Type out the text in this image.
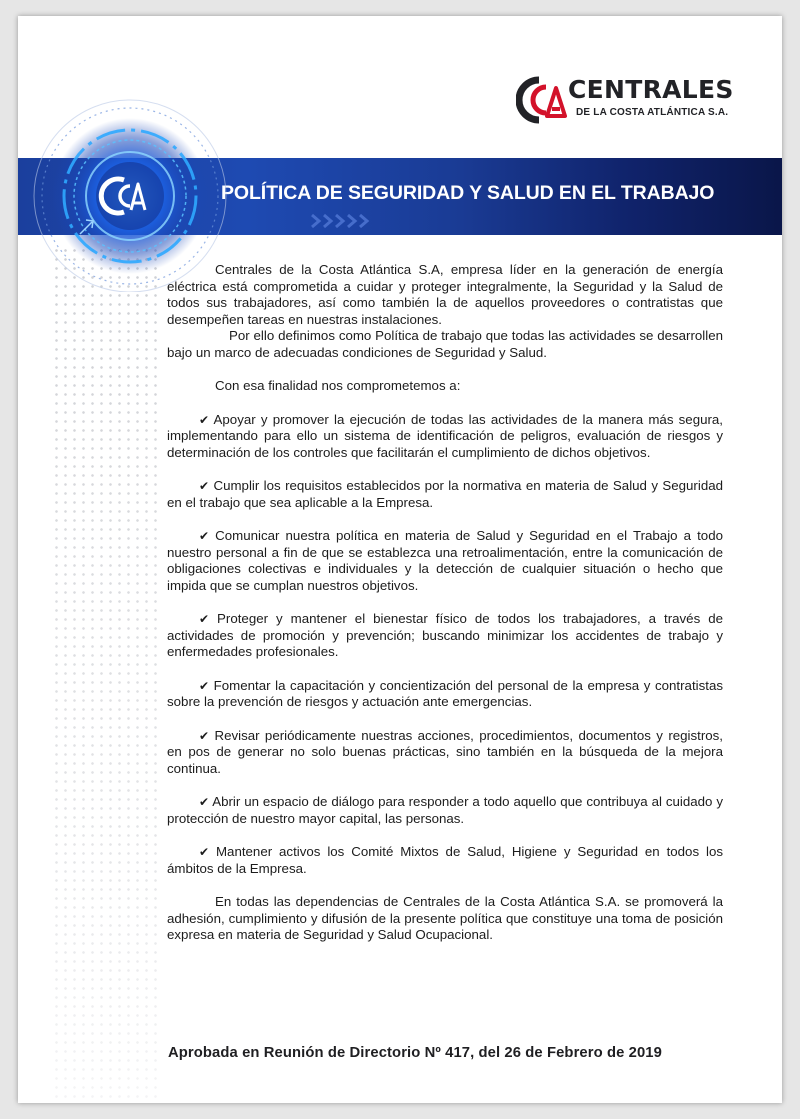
CENTRALES
DE LA COSTA ATLÁNTICA S.A.
POLÍTICA DE SEGURIDAD Y SALUD EN EL TRABAJO

Centrales de la Costa Atlántica S.A, empresa líder en la generación de energía eléctrica está comprometida a cuidar y proteger integralmente, la Seguridad y la Salud de todos sus trabajadores, así como también la de aquellos proveedores o contratistas que desempeñen tareas en nuestras instalaciones.

Por ello definimos como Política de trabajo que todas las actividades se desarrollen bajo un marco de adecuadas condiciones de Seguridad y Salud.

Con esa finalidad nos comprometemos a:

✔ Apoyar y promover la ejecución de todas las actividades de la manera más segura, implementando para ello un sistema de identificación de peligros, evaluación de riesgos y determinación de los controles que facilitarán el cumplimiento de dichos objetivos.

✔ Cumplir los requisitos establecidos por la normativa en materia de Salud y Seguridad en el trabajo que sea aplicable a la Empresa.

✔ Comunicar nuestra política en materia de Salud y Seguridad en el Trabajo a todo nuestro personal a fin de que se establezca una retroalimentación, entre la comunicación de obligaciones colectivas e individuales y la detección de cualquier situación o hecho que impida que se cumplan nuestros objetivos.

✔ Proteger y mantener el bienestar físico de todos los trabajadores, a través de actividades de promoción y prevención; buscando minimizar los accidentes de trabajo y enfermedades profesionales.

✔ Fomentar la capacitación y concientización del personal de la empresa y contratistas sobre la prevención de riesgos y actuación ante emergencias.

✔ Revisar periódicamente nuestras acciones, procedimientos, documentos y registros, en pos de generar no solo buenas prácticas, sino también en la búsqueda de la mejora continua.

✔ Abrir un espacio de diálogo para responder a todo aquello que contribuya al cuidado y protección de nuestro mayor capital, las personas.

✔ Mantener activos los Comité Mixtos de Salud, Higiene y Seguridad en todos los ámbitos de la Empresa.

En todas las dependencias de Centrales de la Costa Atlántica S.A. se promoverá la adhesión, cumplimiento y difusión de la presente política que constituye una toma de posición expresa en materia de Seguridad y Salud Ocupacional.

Aprobada en Reunión de Directorio Nº 417, del 26 de Febrero de 2019
